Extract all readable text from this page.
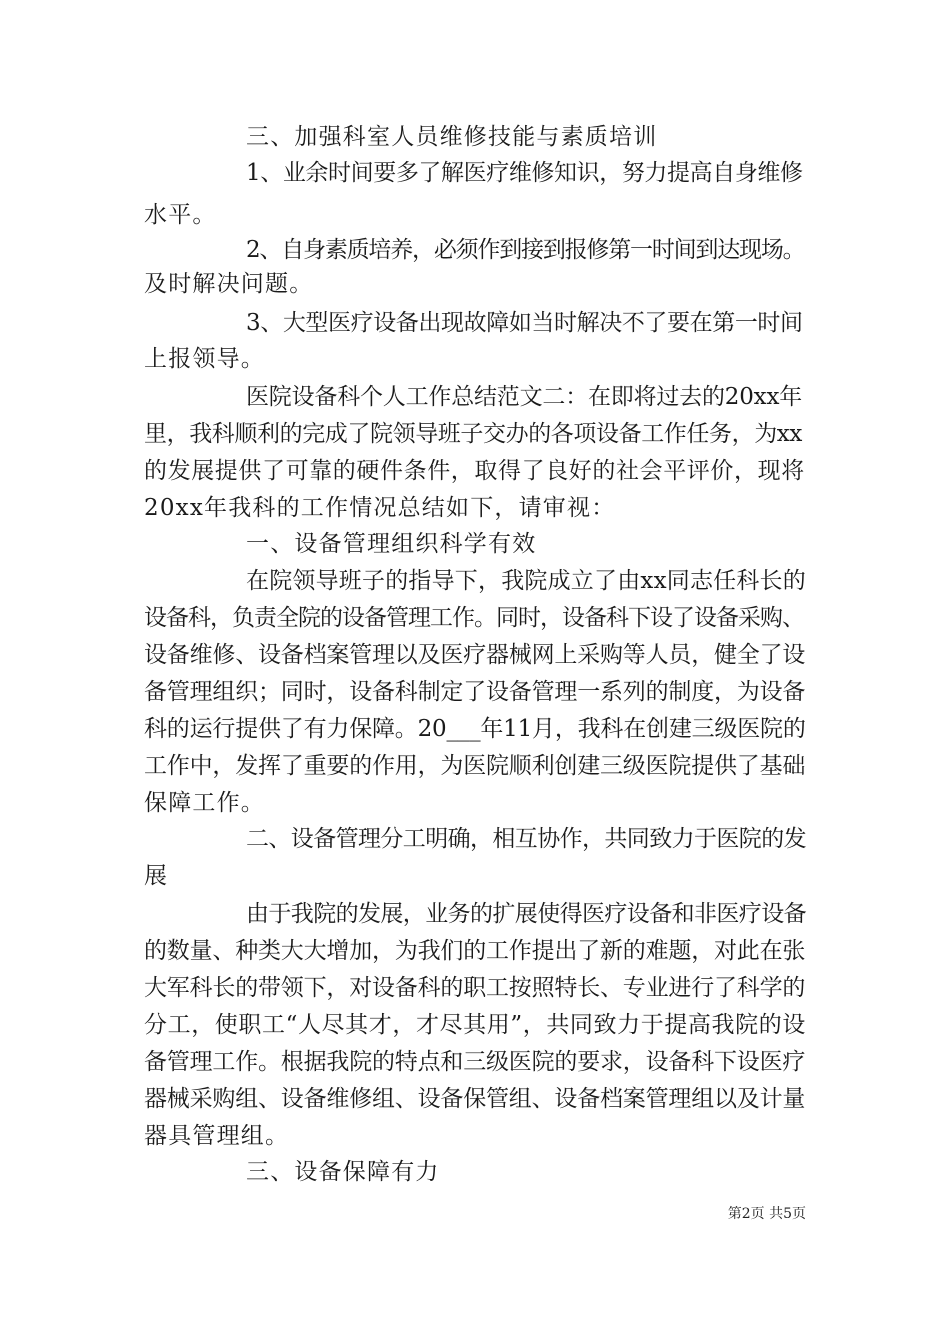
三、加强科室人员维修技能与素质培训
1、业余时间要多了解医疗维修知识，努力提高自身维修
水平。
2、自身素质培养，必须作到接到报修第一时间到达现场。
及时解决问题。
3、大型医疗设备出现故障如当时解决不了要在第一时间
上报领导。
医院设备科个人工作总结范文二：在即将过去的20xx年
里，我科顺利的完成了院领导班子交办的各项设备工作任务，为xx
的发展提供了可靠的硬件条件，取得了良好的社会平评价，现将
20xx年我科的工作情况总结如下，请审视：
一、设备管理组织科学有效
在院领导班子的指导下，我院成立了由xx同志任科长的
设备科，负责全院的设备管理工作。同时，设备科下设了设备采购、
设备维修、设备档案管理以及医疗器械网上采购等人员，健全了设
备管理组织；同时，设备科制定了设备管理一系列的制度，为设备
科的运行提供了有力保障。20___年11月，我科在创建三级医院的
工作中，发挥了重要的作用，为医院顺利创建三级医院提供了基础
保障工作。
二、设备管理分工明确，相互协作，共同致力于医院的发
展
由于我院的发展，业务的扩展使得医疗设备和非医疗设备
的数量、种类大大增加，为我们的工作提出了新的难题，对此在张
大军科长的带领下，对设备科的职工按照特长、专业进行了科学的
分工，使职工“人尽其才，才尽其用”，共同致力于提高我院的设
备管理工作。根据我院的特点和三级医院的要求，设备科下设医疗
器械采购组、设备维修组、设备保管组、设备档案管理组以及计量
器具管理组。
三、设备保障有力
第2页 共5页
